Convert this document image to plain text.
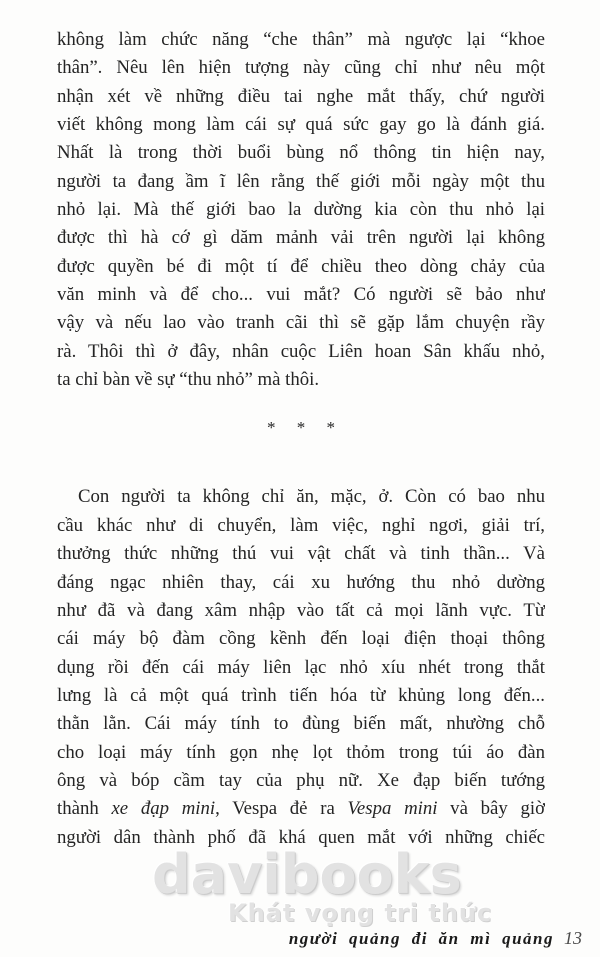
không làm chức năng “che thân” mà ngược lại “khoe
thân”. Nêu lên hiện tượng này cũng chỉ như nêu một
nhận xét về những điều tai nghe mắt thấy, chứ người
viết không mong làm cái sự quá sức gay go là đánh giá.
Nhất là trong thời buổi bùng nổ thông tin hiện nay,
người ta đang ầm ĩ lên rằng thế giới mỗi ngày một thu
nhỏ lại. Mà thế giới bao la dường kia còn thu nhỏ lại
được thì hà cớ gì dăm mảnh vải trên người lại không
được quyền bé đi một tí để chiều theo dòng chảy của
văn minh và để cho... vui mắt? Có người sẽ bảo như
vậy và nếu lao vào tranh cãi thì sẽ gặp lắm chuyện rầy
rà. Thôi thì ở đây, nhân cuộc Liên hoan Sân khấu nhỏ,
ta chỉ bàn về sự “thu nhỏ” mà thôi.
* * *
Con người ta không chỉ ăn, mặc, ở. Còn có bao nhu
cầu khác như di chuyển, làm việc, nghỉ ngơi, giải trí,
thưởng thức những thú vui vật chất và tinh thần... Và
đáng ngạc nhiên thay, cái xu hướng thu nhỏ dường
như đã và đang xâm nhập vào tất cả mọi lãnh vực. Từ
cái máy bộ đàm cồng kềnh đến loại điện thoại thông
dụng rồi đến cái máy liên lạc nhỏ xíu nhét trong thắt
lưng là cả một quá trình tiến hóa từ khủng long đến...
thằn lằn. Cái máy tính to đùng biến mất, nhường chỗ
cho loại máy tính gọn nhẹ lọt thỏm trong túi áo đàn
ông và bóp cầm tay của phụ nữ. Xe đạp biến tướng
thành xe đạp mini, Vespa đẻ ra Vespa mini và bây giờ
người dân thành phố đã khá quen mắt với những chiếc
davibooks
Khát vọng tri thức
người quảng đi ăn mì quảng 13
